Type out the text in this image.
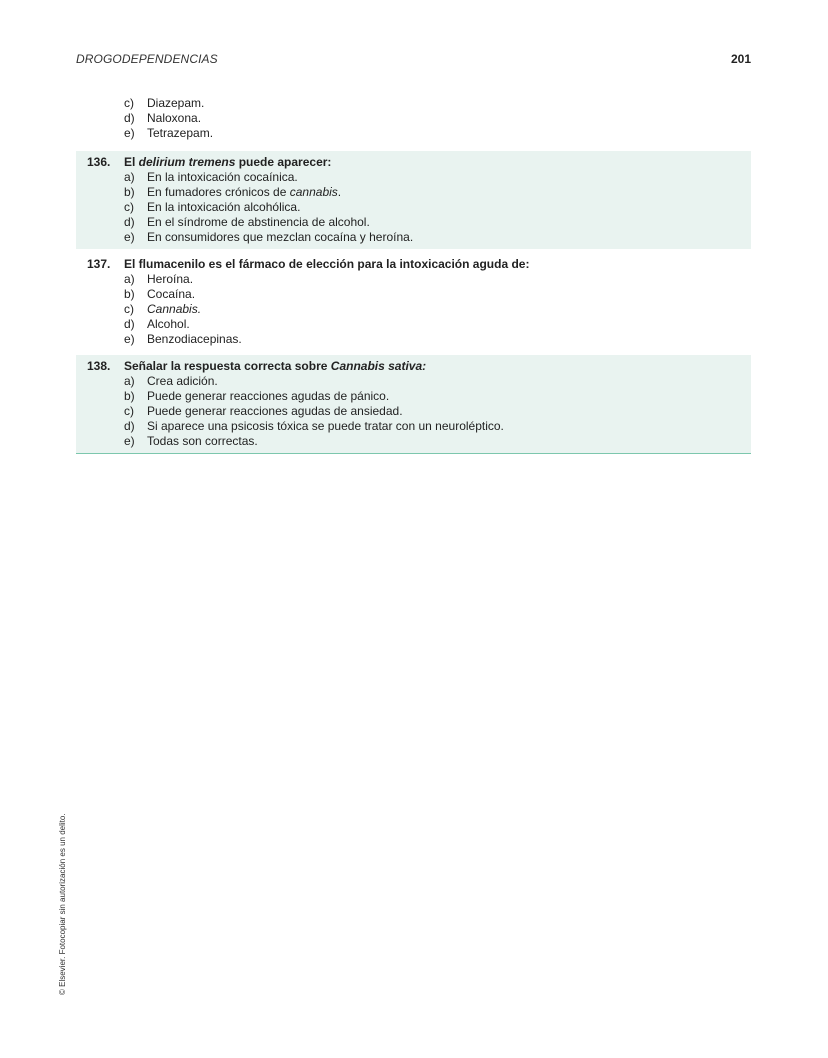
DROGODEPENDENCIAS	201
c) Diazepam.
d) Naloxona.
e) Tetrazepam.
136. El delirium tremens puede aparecer:
a) En la intoxicación cocaínica.
b) En fumadores crónicos de cannabis.
c) En la intoxicación alcohólica.
d) En el síndrome de abstinencia de alcohol.
e) En consumidores que mezclan cocaína y heroína.
137. El flumacenilo es el fármaco de elección para la intoxicación aguda de:
a) Heroína.
b) Cocaína.
c) Cannabis.
d) Alcohol.
e) Benzodiacepinas.
138. Señalar la respuesta correcta sobre Cannabis sativa:
a) Crea adición.
b) Puede generar reacciones agudas de pánico.
c) Puede generar reacciones agudas de ansiedad.
d) Si aparece una psicosis tóxica se puede tratar con un neuroléptico.
e) Todas son correctas.
© Elsevier. Fotocopiar sin autorización es un delito.
